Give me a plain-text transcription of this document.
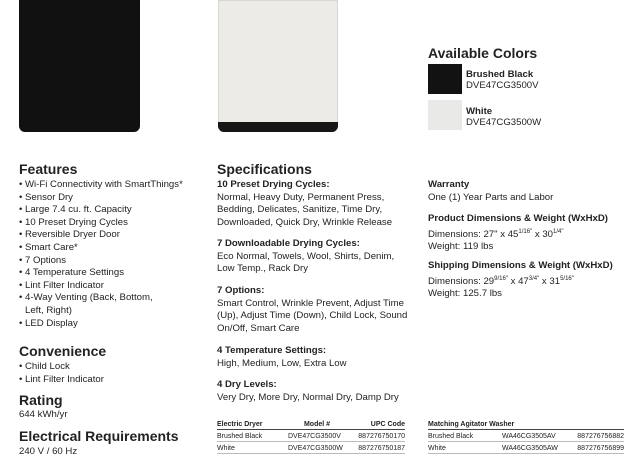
Available Colors
Brushed Black
DVE47CG3500V
White
DVE47CG3500W
Features
• Wi-Fi Connectivity with SmartThings*
• Sensor Dry
• Large 7.4 cu. ft. Capacity
• 10 Preset Drying Cycles
• Reversible Dryer Door
• Smart Care*
• 7 Options
• 4 Temperature Settings
• Lint Filter Indicator
• 4-Way Venting (Back, Bottom, Left, Right)
• LED Display
Convenience
• Child Lock
• Lint Filter Indicator
Rating
644 kWh/yr
Electrical Requirements
240 V / 60 Hz
Specifications
10 Preset Drying Cycles:
Normal, Heavy Duty, Permanent Press, Bedding, Delicates, Sanitize, Time Dry, Downloaded, Quick Dry, Wrinkle Release
7 Downloadable Drying Cycles:
Eco Normal, Towels, Wool, Shirts, Denim, Low Temp., Rack Dry
7 Options:
Smart Control, Wrinkle Prevent, Adjust Time (Up), Adjust Time (Down), Child Lock, Sound On/Off, Smart Care
4 Temperature Settings:
High, Medium, Low, Extra Low
4 Dry Levels:
Very Dry, More Dry, Normal Dry, Damp Dry
Warranty
One (1) Year Parts and Labor
Product Dimensions & Weight (WxHxD)
Dimensions: 27" x $45^{1/16"}$ x $30^{1/4"}$
Weight: 119 lbs
Shipping Dimensions & Weight (WxHxD)
Dimensions: $29^{9/16"}$ x $47^{3/4"}$ x $31^{5/16"}$
Weight: 125.7 lbs
Electric Dryer	Model #	UPC Code
Brushed Black	DVE47CG3500V	887276750170
White	DVE47CG3500W	887276750187
Matching Agitator Washer		
Brushed Black	WA46CG3505AV	887276756882
White	WA46CG3505AW	887276756899
